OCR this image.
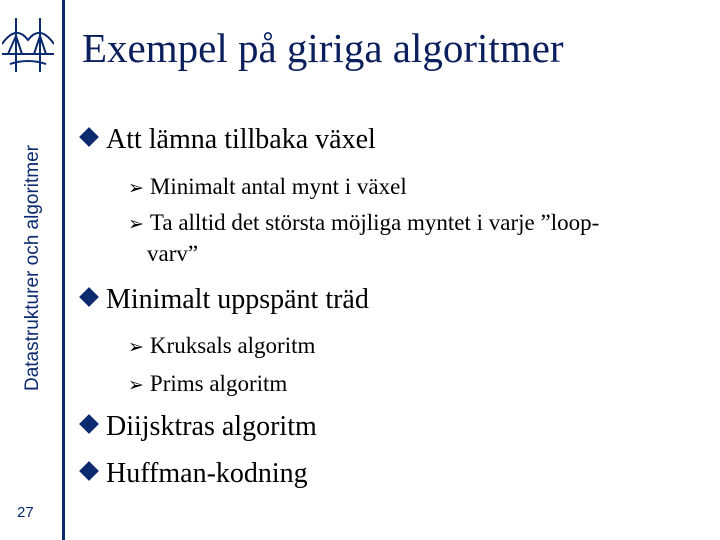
Datastrukturer och algoritmer
27
Exempel på giriga algoritmer
Att lämna tillbaka växel
➢ Minimalt antal mynt i växel
➢ Ta alltid det största möjliga myntet i varje ”loop-
varv”
Minimalt uppspänt träd
➢ Kruksals algoritm
➢ Prims algoritm
Diijsktras algoritm
Huffman-kodning
